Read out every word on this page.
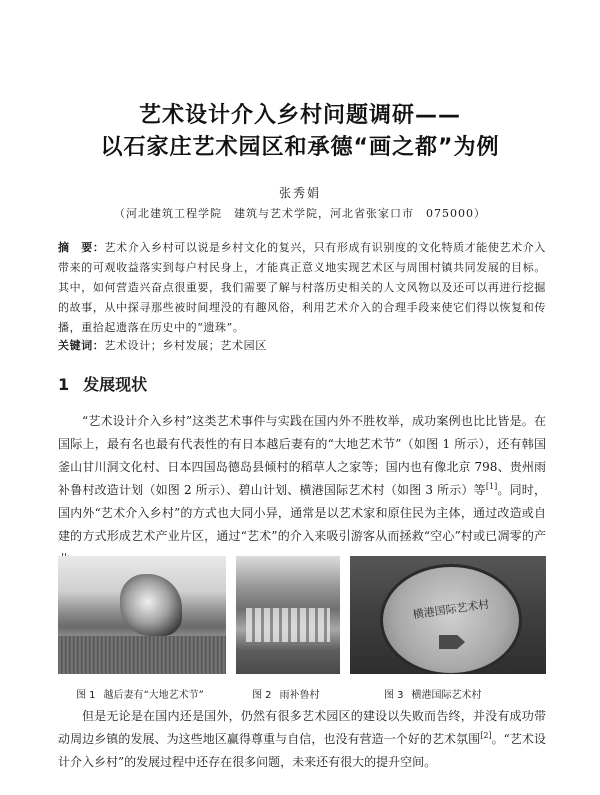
艺术设计介入乡村问题调研——
以石家庄艺术园区和承德“画之都”为例
张秀娟
（河北建筑工程学院　建筑与艺术学院，河北省张家口市　075000）
摘　要：艺术介入乡村可以说是乡村文化的复兴，只有形成有识别度的文化特质才能使艺术介入带来的可观收益落实到每户村民身上，才能真正意义地实现艺术区与周围村镇共同发展的目标。其中，如何营造兴奋点很重要，我们需要了解与村落历史相关的人文风物以及还可以再进行挖掘的故事，从中探寻那些被时间埋没的有趣风俗，利用艺术介入的合理手段来使它们得以恢复和传播，重拾起遗落在历史中的“遗珠”。
关键词：艺术设计；乡村发展；艺术园区
1 发展现状

“艺术设计介入乡村”这类艺术事件与实践在国内外不胜枚举，成功案例也比比皆是。在国际上，最有名也最有代表性的有日本越后妻有的“大地艺术节”（如图 1 所示），还有韩国釜山甘川洞文化村、日本四国岛德岛县倾村的稻草人之家等；国内也有像北京 798、贵州雨补鲁村改造计划（如图 2 所示）、碧山计划、横港国际艺术村（如图 3 所示）等[1]。同时，国内外“艺术介入乡村”的方式也大同小异，通常是以艺术家和原住民为主体，通过改造或自建的方式形成艺术产业片区，通过“艺术”的介入来吸引游客从而拯救“空心”村或已凋零的产

横港国际艺术村
图 1 越后妻有“大地艺术节”	图 2 雨补鲁村	图 3 横港国际艺术村

但是无论是在国内还是国外，仍然有很多艺术园区的建设以失败而告终，并没有成功带动周边乡镇的发展、为这些地区赢得尊重与自信，也没有营造一个好的艺术氛围[2]。“艺术设计介入乡村”的发展过程中还存在很多问题，未来还有很大的提升空间。
